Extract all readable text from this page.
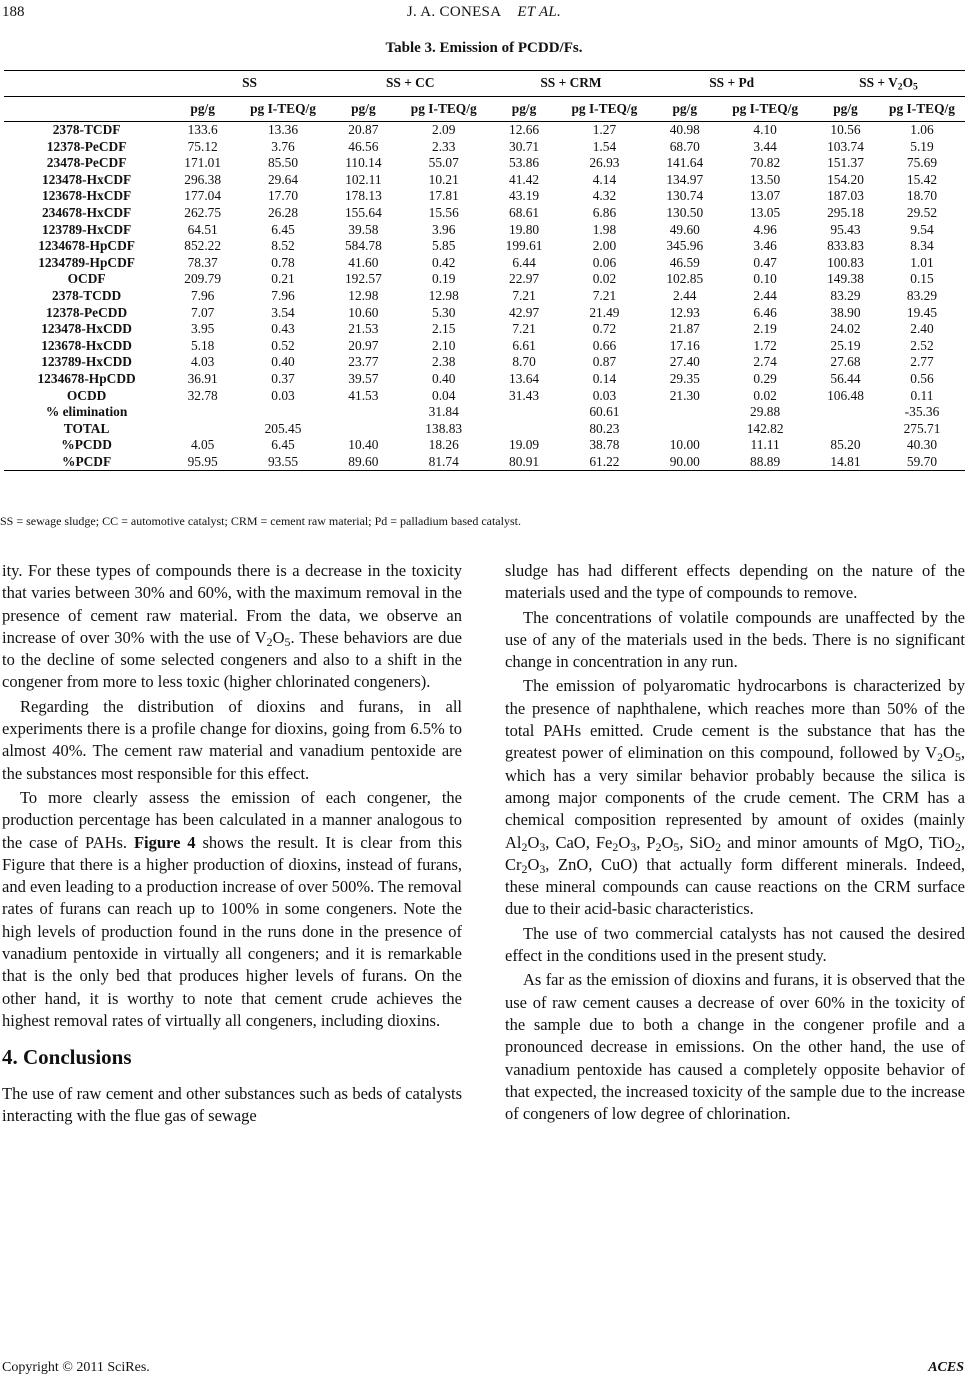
188	J. A. CONESA ET AL.
Table 3. Emission of PCDD/Fs.
	SS		SS + CC		SS + CRM		SS + Pd		SS + $V_2O_5$
	pg/g	pg I-TEQ/g	pg/g	pg I-TEQ/g	pg/g	pg I-TEQ/g	pg/g	pg I-TEQ/g	pg/g	pg I-TEQ/g
2378-TCDF	133.6	13.36	20.87	2.09	12.66	1.27	40.98	4.10	10.56	1.06
12378-PeCDF	75.12	3.76	46.56	2.33	30.71	1.54	68.70	3.44	103.74	5.19
23478-PeCDF	171.01	85.50	110.14	55.07	53.86	26.93	141.64	70.82	151.37	75.69
123478-HxCDF	296.38	29.64	102.11	10.21	41.42	4.14	134.97	13.50	154.20	15.42
123678-HxCDF	177.04	17.70	178.13	17.81	43.19	4.32	130.74	13.07	187.03	18.70
234678-HxCDF	262.75	26.28	155.64	15.56	68.61	6.86	130.50	13.05	295.18	29.52
123789-HxCDF	64.51	6.45	39.58	3.96	19.80	1.98	49.60	4.96	95.43	9.54
1234678-HpCDF	852.22	8.52	584.78	5.85	199.61	2.00	345.96	3.46	833.83	8.34
1234789-HpCDF	78.37	0.78	41.60	0.42	6.44	0.06	46.59	0.47	100.83	1.01
OCDF	209.79	0.21	192.57	0.19	22.97	0.02	102.85	0.10	149.38	0.15
2378-TCDD	7.96	7.96	12.98	12.98	7.21	7.21	2.44	2.44	83.29	83.29
12378-PeCDD	7.07	3.54	10.60	5.30	42.97	21.49	12.93	6.46	38.90	19.45
123478-HxCDD	3.95	0.43	21.53	2.15	7.21	0.72	21.87	2.19	24.02	2.40
123678-HxCDD	5.18	0.52	20.97	2.10	6.61	0.66	17.16	1.72	25.19	2.52
123789-HxCDD	4.03	0.40	23.77	2.38	8.70	0.87	27.40	2.74	27.68	2.77
1234678-HpCDD	36.91	0.37	39.57	0.40	13.64	0.14	29.35	0.29	56.44	0.56
OCDD	32.78	0.03	41.53	0.04	31.43	0.03	21.30	0.02	106.48	0.11
% elimination				31.84		60.61		29.88		-35.36
TOTAL		205.45		138.83		80.23		142.82		275.71
%PCDD	4.05	6.45	10.40	18.26	19.09	38.78	10.00	11.11	85.20	40.30
%PCDF	95.95	93.55	89.60	81.74	80.91	61.22	90.00	88.89	14.81	59.70
SS = sewage sludge; CC = automotive catalyst; CRM = cement raw material; Pd = palladium based catalyst.

ity. For these types of compounds there is a decrease in the toxicity that varies between 30% and 60%, with the maximum removal in the presence of cement raw material. From the data, we observe an increase of over 30% with the use of $V_2O_5$. These behaviors are due to the decline of some selected congeners and also to a shift in the congener from more to less toxic (higher chlorinated congeners).

Regarding the distribution of dioxins and furans, in all experiments there is a profile change for dioxins, going from 6.5% to almost 40%. The cement raw material and vanadium pentoxide are the substances most responsible for this effect.

To more clearly assess the emission of each congener, the production percentage has been calculated in a manner analogous to the case of PAHs. Figure 4 shows the result. It is clear from this Figure that there is a higher production of dioxins, instead of furans, and even leading to a production increase of over 500%. The removal rates of furans can reach up to 100% in some congeners. Note the high levels of production found in the runs done in the presence of vanadium pentoxide in virtually all congeners; and it is remarkable that is the only bed that produces higher levels of furans. On the other hand, it is worthy to note that cement crude achieves the highest removal rates of virtually all congeners, including dioxins.

4. Conclusions

The use of raw cement and other substances such as beds of catalysts interacting with the flue gas of sewage

sludge has had different effects depending on the nature of the materials used and the type of compounds to remove.

The concentrations of volatile compounds are unaffected by the use of any of the materials used in the beds. There is no significant change in concentration in any run.

The emission of polyaromatic hydrocarbons is characterized by the presence of naphthalene, which reaches more than 50% of the total PAHs emitted. Crude cement is the substance that has the greatest power of elimination on this compound, followed by $V_2O_5$, which has a very similar behavior probably because the silica is among major components of the crude cement. The CRM has a chemical composition represented by amount of oxides (mainly $Al_2O_3$, CaO, $Fe_2O_3$, $P_2O_5$, SiO$_2$ and minor amounts of MgO, TiO$_2$, $Cr_2O_3$, ZnO, CuO) that actually form different minerals. Indeed, these mineral compounds can cause reactions on the CRM surface due to their acid-basic characteristics.

The use of two commercial catalysts has not caused the desired effect in the conditions used in the present study.

As far as the emission of dioxins and furans, it is observed that the use of raw cement causes a decrease of over 60% in the toxicity of the sample due to both a change in the congener profile and a pronounced decrease in emissions. On the other hand, the use of vanadium pentoxide has caused a completely opposite behavior of that expected, the increased toxicity of the sample due to the increase of congeners of low degree of chlorination.

Copyright © 2011 SciRes.	ACES
